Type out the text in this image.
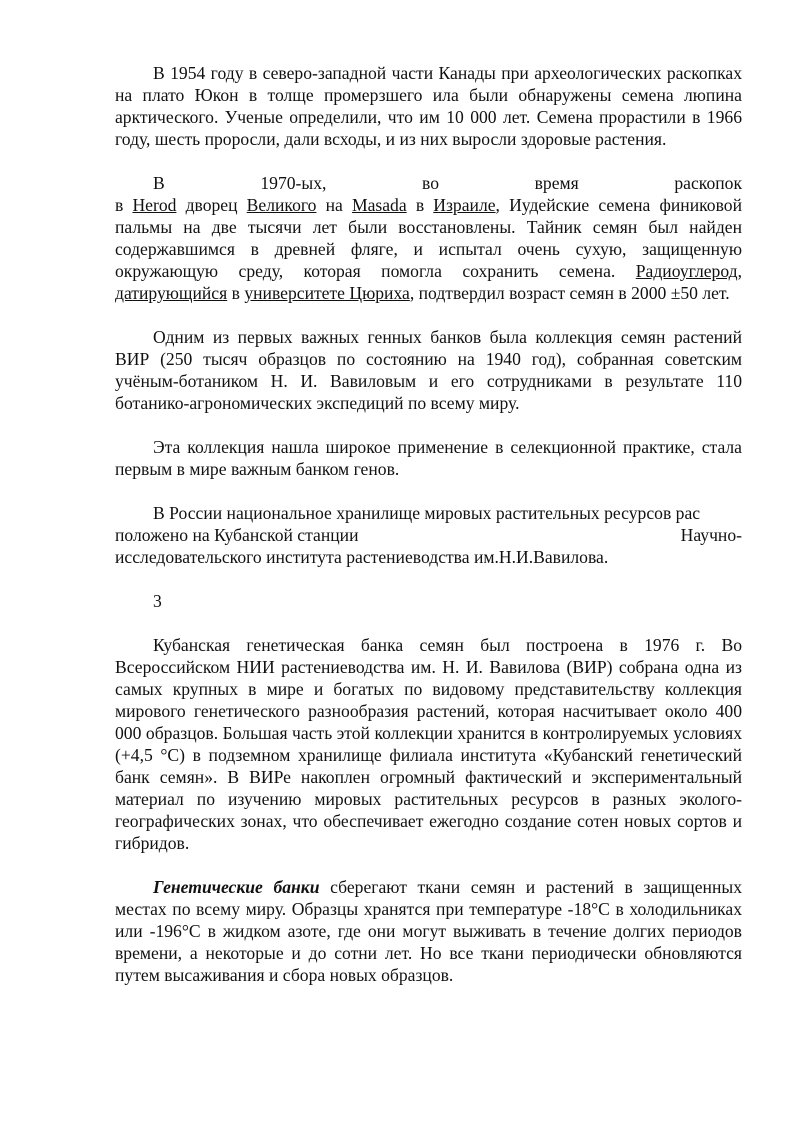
В 1954 году в северо-западной части Канады при археологических раскопках на плато Юкон в толще промерзшего ила были обнаружены семена люпина арктического. Ученые определили, что им 10 000 лет. Семена прорастили в 1966 году, шесть проросли, дали всходы, и из них выросли здоровые растения.

В	1970-ых,	во	время	раскопок

в Herod дворец Великого на Masada в Израиле, Иудейские семена финиковой пальмы на две тысячи лет были восстановлены. Тайник семян был найден содержавшимся в древней фляге, и испытал очень сухую, защищенную окружающую среду, которая помогла сохранить семена. Радиоуглерод, датирующийся в университете Цюриха, подтвердил возраст семян в 2000 ±50 лет.

Одним из первых важных генных банков была коллекция семян растений ВИР (250 тысяч образцов по состоянию на 1940 год), собранная советским учёным-ботаником Н. И. Вавиловым и его сотрудниками в результате 110 ботанико-агрономических экспедиций по всему миру.

Эта коллекция нашла широкое применение в селекционной практике, стала первым в мире важным банком генов.

В России национальное хранилище мировых растительных ресурсов рас

положено на Кубанской станции	Научно-

исследовательского института растениеводства им.Н.И.Вавилова.

3

Кубанская генетическая банка семян был построена в 1976 г. Во Всероссийском НИИ растениеводства им. Н. И. Вавилова (ВИР) собрана одна из самых крупных в мире и богатых по видовому представительству коллекция мирового генетического разнообразия растений, которая насчитывает около 400 000 образцов. Большая часть этой коллекции хранится в контролируемых условиях (+4,5 °C) в подземном хранилище филиала института «Кубанский генетический банк семян». В ВИРе накоплен огромный фактический и экспериментальный материал по изучению мировых растительных ресурсов в разных эколого-географических зонах, что обеспечивает ежегодно создание сотен новых сортов и гибридов.

Генетические банки сберегают ткани семян и растений в защищенных местах по всему миру. Образцы хранятся при температуре -18°C в холодильниках или -196°C в жидком азоте, где они могут выживать в течение долгих периодов времени, а некоторые и до сотни лет. Но все ткани периодически обновляются путем высаживания и сбора новых образцов.
